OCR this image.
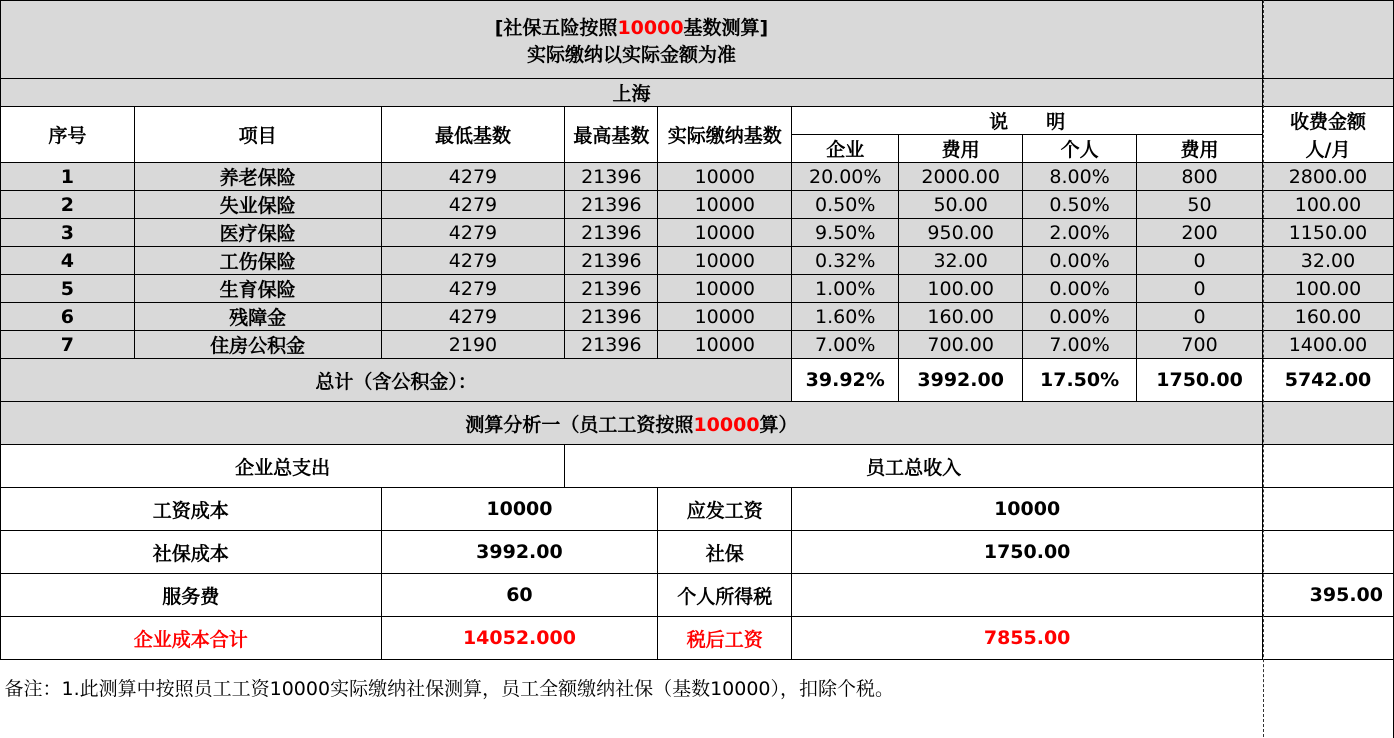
[社保五险按照10000基数测算]
实际缴纳以实际金额为准									
上海									
序号	项目	最低基数	最高基数	实际缴纳基数	说　　明				收费金额
					企业	费用	个人	费用	人/月
1	养老保险	4279	21396	10000	20.00%	2000.00	8.00%	800	2800.00
2	失业保险	4279	21396	10000	0.50%	50.00	0.50%	50	100.00
3	医疗保险	4279	21396	10000	9.50%	950.00	2.00%	200	1150.00
4	工伤保险	4279	21396	10000	0.32%	32.00	0.00%	0	32.00
5	生育保险	4279	21396	10000	1.00%	100.00	0.00%	0	100.00
6	残障金	4279	21396	10000	1.60%	160.00	0.00%	0	160.00
7	住房公积金	2190	21396	10000	7.00%	700.00	7.00%	700	1400.00
总计（含公积金）：					39.92%	3992.00	17.50%	1750.00	5742.00
测算分析一（员工工资按照10000算）									
企业总支出			员工总收入						
工资成本		10000		应发工资	10000				
社保成本		3992.00		社保	1750.00				
服务费		60		个人所得税					395.00
企业成本合计		14052.000		税后工资	7855.00				
备注：1.此测算中按照员工工资10000实际缴纳社保测算，员工全额缴纳社保（基数10000），扣除个税。									
